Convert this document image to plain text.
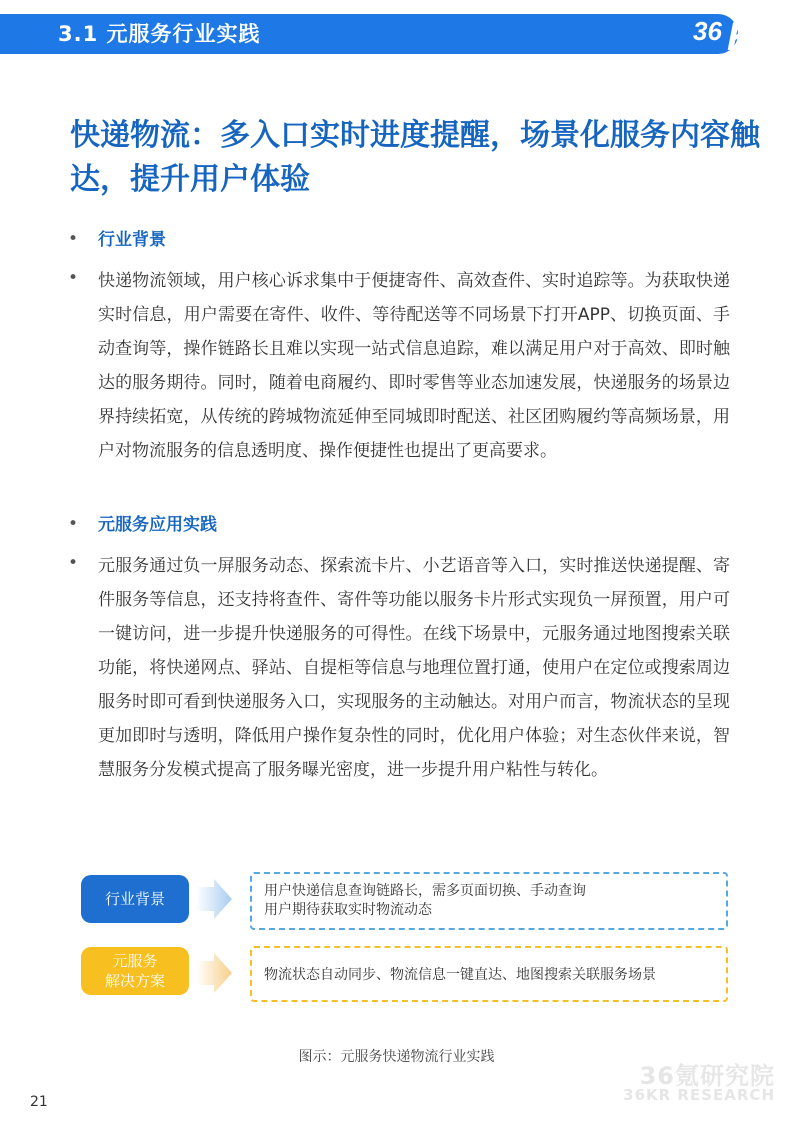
3.1 元服务行业实践	36 Kr
快递物流：多入口实时进度提醒，场景化服务内容触达，提升用户体验
• 行业背景
• 快递物流领域，用户核心诉求集中于便捷寄件、高效查件、实时追踪等。为获取快递实时信息，用户需要在寄件、收件、等待配送等不同场景下打开APP、切换页面、手动查询等，操作链路长且难以实现一站式信息追踪，难以满足用户对于高效、即时触达的服务期待。同时，随着电商履约、即时零售等业态加速发展，快递服务的场景边界持续拓宽，从传统的跨城物流延伸至同城即时配送、社区团购履约等高频场景，用户对物流服务的信息透明度、操作便捷性也提出了更高要求。

• 元服务应用实践
• 元服务通过负一屏服务动态、探索流卡片、小艺语音等入口，实时推送快递提醒、寄件服务等信息，还支持将查件、寄件等功能以服务卡片形式实现负一屏预置，用户可一键访问，进一步提升快递服务的可得性。在线下场景中，元服务通过地图搜索关联功能，将快递网点、驿站、自提柜等信息与地理位置打通，使用户在定位或搜索周边服务时即可看到快递服务入口，实现服务的主动触达。对用户而言，物流状态的呈现更加即时与透明，降低用户操作复杂性的同时，优化用户体验；对生态伙伴来说，智慧服务分发模式提高了服务曝光密度，进一步提升用户粘性与转化。

行业背景	用户快递信息查询链路长，需多页面切换、手动查询
用户期待获取实时物流动态
元服务
解决方案	物流状态自动同步、物流信息一键直达、地图搜索关联服务场景
图示：元服务快递物流行业实践
36氪研究院
36KR RESEARCH
21
